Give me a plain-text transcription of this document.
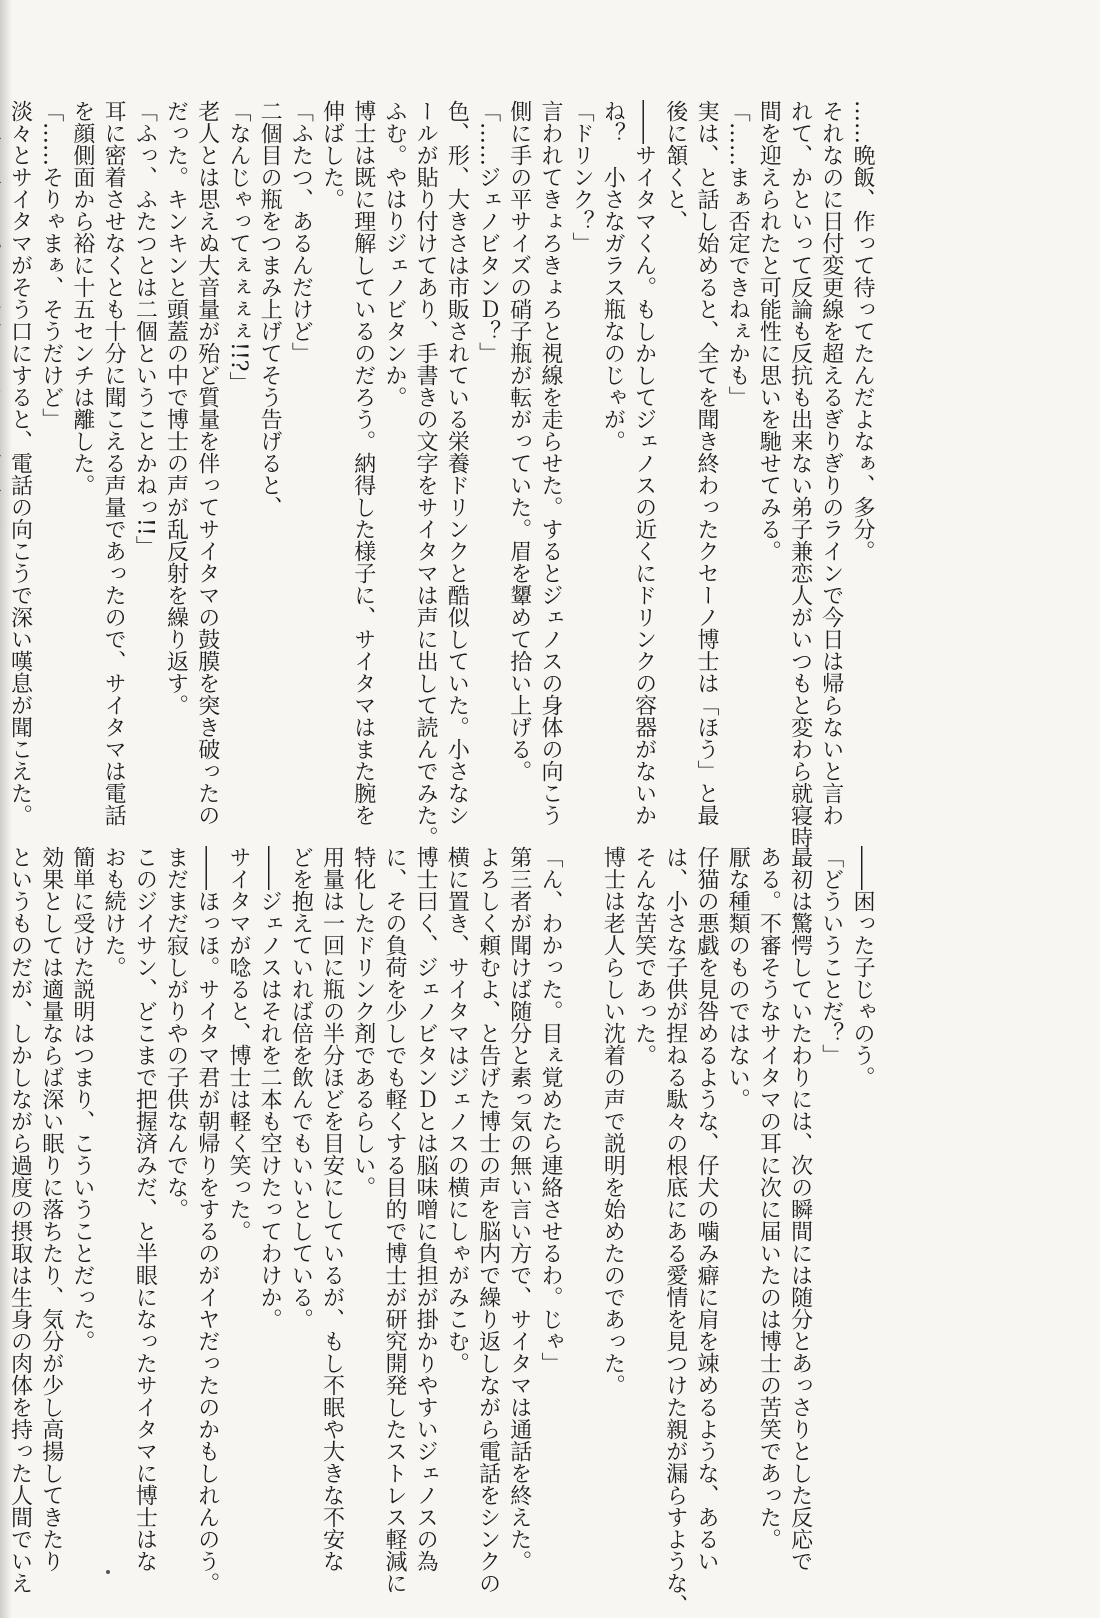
……晩飯、作って待ってたんだよなぁ、多分。

それなのに日付変更線を超えるぎりぎりのラインで今日は帰らないと言わ

れて、かといって反論も反抗も出来ない弟子兼恋人がいつもと変わら就寝時

間を迎えられたと可能性に思いを馳せてみる。

「……まぁ否定できねぇかも」

実は、と話し始めると、全てを聞き終わったクセーノ博士は「ほう」と最

後に頷くと、

――サイタマくん。もしかしてジェノスの近くにドリンクの容器がないか

ね？　小さなガラス瓶なのじゃが。

「ドリンク？」

言われてきょろきょろと視線を走らせた。するとジェノスの身体の向こう

側に手の平サイズの硝子瓶が転がっていた。眉を顰めて拾い上げる。

「……ジェノビタンＤ？」

色、形、大きさは市販されている栄養ドリンクと酷似していた。小さなシ

ールが貼り付けてあり、手書きの文字をサイタマは声に出して読んでみた。

ふむ。やはりジェノビタンか。

博士は既に理解しているのだろう。納得した様子に、サイタマはまた腕を

伸ばした。

「ふたつ、あるんだけど」

二個目の瓶をつまみ上げてそう告げると、

「なんじゃってぇぇぇぇ!!?」

老人とは思えぬ大音量が殆ど質量を伴ってサイタマの鼓膜を突き破ったの

だった。キンキンと頭蓋の中で博士の声が乱反射を繰り返す。

「ふっ、ふたつとは二個ということかねっ!!」

耳に密着させなくとも十分に聞こえる声量であったので、サイタマは電話

を顔側面から裕に十五センチは離した。

「……そりゃまぁ、そうだけど」

淡々とサイタマがそう口にすると、電話の向こうで深い嘆息が聞こえた。

――困った子じゃのう。

「どういうことだ？」

最初は驚愕していたわりには、次の瞬間には随分とあっさりとした反応で

ある。不審そうなサイタマの耳に次に届いたのは博士の苦笑であった。

厭な種類のものではない。

仔猫の悪戯を見咎めるような、仔犬の噛み癖に肩を竦めるような、あるい

は、小さな子供が捏ねる駄々の根底にある愛情を見つけた親が漏らすような、

そんな苦笑であった。

博士は老人らしい沈着の声で説明を始めたのであった。

「ん、わかった。目ぇ覚めたら連絡させるわ。じゃ」

第三者が聞けば随分と素っ気の無い言い方で、サイタマは通話を終えた。

よろしく頼むよ、と告げた博士の声を脳内で繰り返しながら電話をシンクの

横に置き、サイタマはジェノスの横にしゃがみこむ。

博士曰く、ジェノビタンＤとは脳味噌に負担が掛かりやすいジェノスの為

に、その負荷を少しでも軽くする目的で博士が研究開発したストレス軽減に

特化したドリンク剤であるらしい。

用量は一回に瓶の半分ほどを目安にしているが、もし不眠や大きな不安な

どを抱えていれば倍を飲んでもいいとしている。

――ジェノスはそれを二本も空けたってわけか。

サイタマが唸ると、博士は軽く笑った。

――ほっほ。サイタマ君が朝帰りをするのがイヤだったのかもしれんのう。

まだまだ寂しがりやの子供なんでな。

このジイサン、どこまで把握済みだ、と半眼になったサイタマに博士はな

おも続けた。

簡単に受けた説明はつまり、こういうことだった。

効果としては適量ならば深い眠りに落ちたり、気分が少し高揚してきたり

というものだが、しかしながら過度の摂取は生身の肉体を持った人間でいえ
